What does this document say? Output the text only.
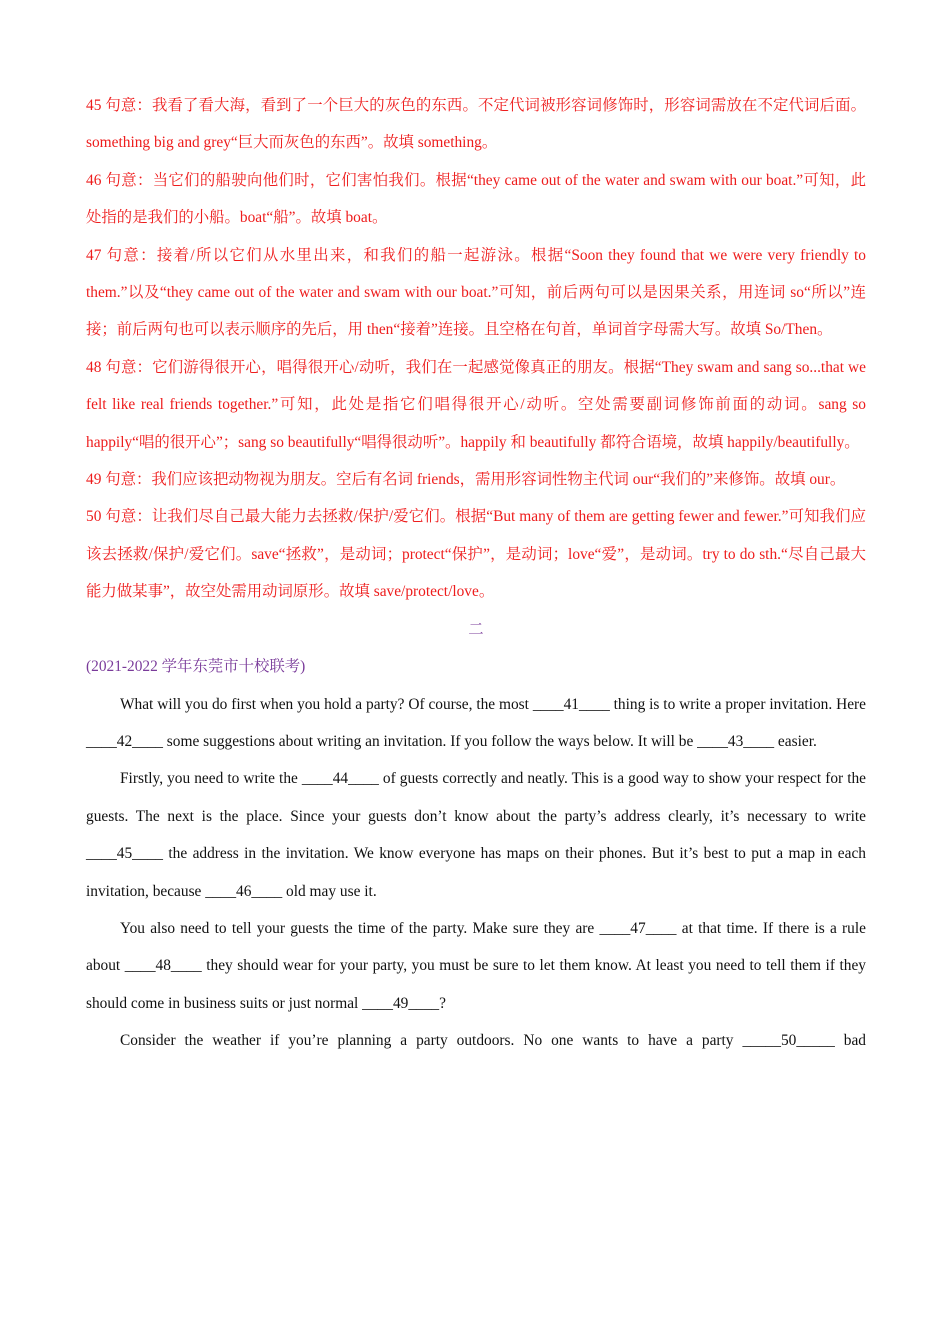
45 句意：我看了看大海，看到了一个巨大的灰色的东西。不定代词被形容词修饰时，形容词需放在不定代词后面。something big and grey“巨大而灰色的东西”。故填 something。

46 句意：当它们的船驶向他们时，它们害怕我们。根据“they came out of the water and swam with our boat.”可知，此处指的是我们的小船。boat“船”。故填 boat。

47 句意：接着/所以它们从水里出来，和我们的船一起游泳。根据“Soon they found that we were very friendly to them.”以及“they came out of the water and swam with our boat.”可知，前后两句可以是因果关系，用连词 so“所以”连接；前后两句也可以表示顺序的先后，用 then“接着”连接。且空格在句首，单词首字母需大写。故填 So/Then。

48 句意：它们游得很开心，唱得很开心/动听，我们在一起感觉像真正的朋友。根据“They swam and sang so...that we felt like real friends together.”可知，此处是指它们唱得很开心/动听。空处需要副词修饰前面的动词。sang so happily“唱的很开心”；sang so beautifully“唱得很动听”。happily 和 beautifully 都符合语境，故填 happily/beautifully。

49 句意：我们应该把动物视为朋友。空后有名词 friends，需用形容词性物主代词 our“我们的”来修饰。故填 our。

50 句意：让我们尽自己最大能力去拯救/保护/爱它们。根据“But many of them are getting fewer and fewer.”可知我们应该去拯救/保护/爱它们。save“拯救”，是动词；protect“保护”，是动词；love“爱”，是动词。try to do sth.“尽自己最大能力做某事”，故空处需用动词原形。故填 save/protect/love。

二

(2021-2022 学年东莞市十校联考)

What will you do first when you hold a party? Of course, the most ____41____ thing is to write a proper invitation. Here ____42____ some suggestions about writing an invitation. If you follow the ways below. It will be ____43____ easier.

Firstly, you need to write the ____44____ of guests correctly and neatly. This is a good way to show your respect for the guests. The next is the place. Since your guests don’t know about the party’s address clearly, it’s necessary to write ____45____ the address in the invitation. We know everyone has maps on their phones. But it’s best to put a map in each invitation, because ____46____ old may use it.

You also need to tell your guests the time of the party. Make sure they are ____47____ at that time. If there is a rule about ____48____ they should wear for your party, you must be sure to let them know. At least you need to tell them if they should come in business suits or just normal ____49____?

Consider the weather if you’re planning a party outdoors. No one wants to have a party _____50_____ bad
